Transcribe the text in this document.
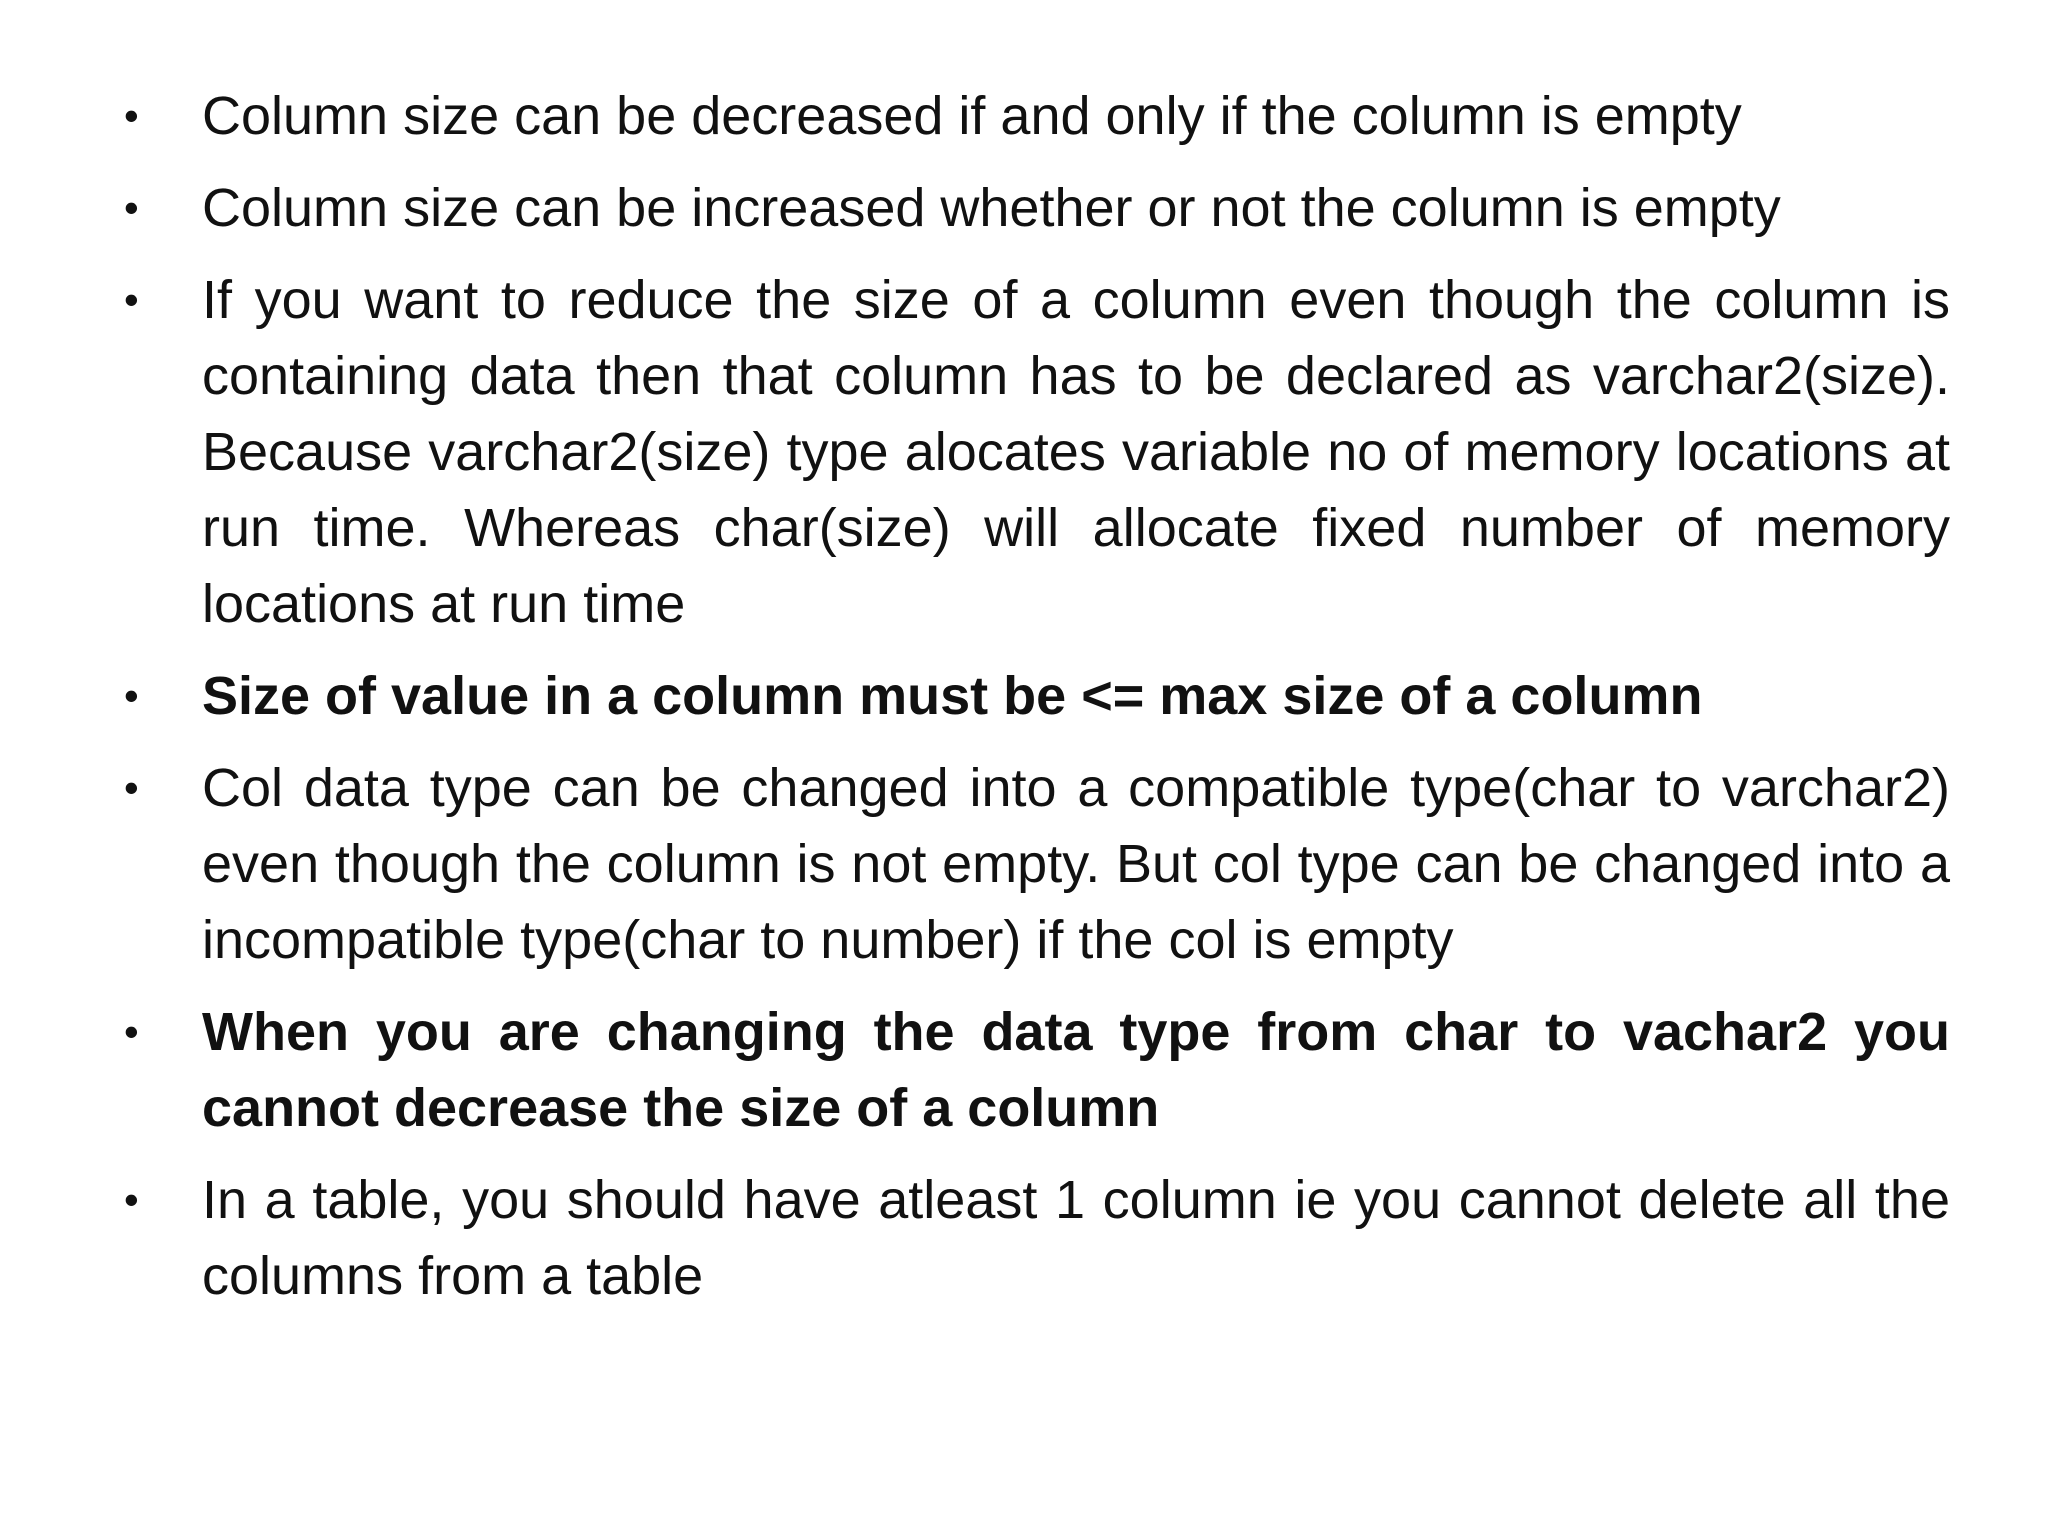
•	Column size can be decreased if and only if the column is empty
•	Column size can be increased whether or not the column is empty
•	If you want to reduce the size of a column even though the column is containing data then that column has to be declared as varchar2(size). Because varchar2(size) type alocates variable no of memory locations at run time. Whereas char(size) will allocate fixed number of memory locations at run time
•	Size of value in a column must be <= max size of a column
•	Col data type can be changed into a compatible type(char to varchar2) even though the column is not empty. But col type can be changed into a incompatible type(char to number) if the col is empty
•	When you are changing the data type from char to vachar2 you cannot decrease the size of a column
•	In a table, you should have atleast 1 column ie you cannot delete all the columns from a table
